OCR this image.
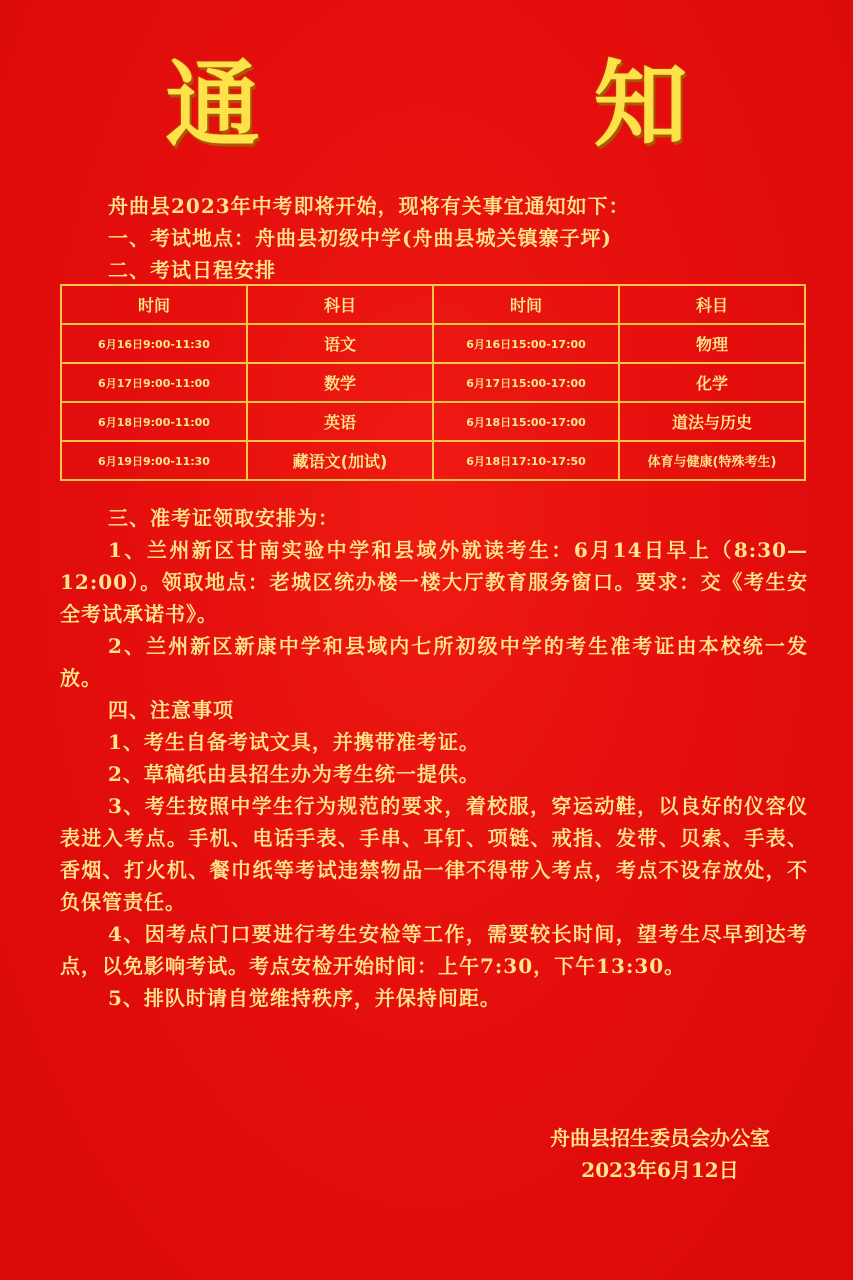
通　知
舟曲县2023年中考即将开始，现将有关事宜通知如下：
一、考试地点：舟曲县初级中学(舟曲县城关镇寨子坪)
二、考试日程安排
时间	科目	时间	科目
6月16日9:00-11:30	语文	6月16日15:00-17:00	物理
6月17日9:00-11:00	数学	6月17日15:00-17:00	化学
6月18日9:00-11:00	英语	6月18日15:00-17:00	道法与历史
6月19日9:00-11:30	藏语文(加试)	6月18日17:10-17:50	体育与健康(特殊考生)
三、准考证领取安排为：
1、兰州新区甘南实验中学和县域外就读考生：6月14日早上（8:30—12:00）。领取地点：老城区统办楼一楼大厅教育服务窗口。要求：交《考生安全考试承诺书》。
2、兰州新区新康中学和县域内七所初级中学的考生准考证由本校统一发放。
四、注意事项
1、考生自备考试文具，并携带准考证。
2、草稿纸由县招生办为考生统一提供。
3、考生按照中学生行为规范的要求，着校服，穿运动鞋，以良好的仪容仪表进入考点。手机、电话手表、手串、耳钉、项链、戒指、发带、贝索、手表、香烟、打火机、餐巾纸等考试违禁物品一律不得带入考点，考点不设存放处，不负保管责任。
4、因考点门口要进行考生安检等工作，需要较长时间，望考生尽早到达考点，以免影响考试。考点安检开始时间：上午7:30，下午13:30。
5、排队时请自觉维持秩序，并保持间距。
舟曲县招生委员会办公室
2023年6月12日
